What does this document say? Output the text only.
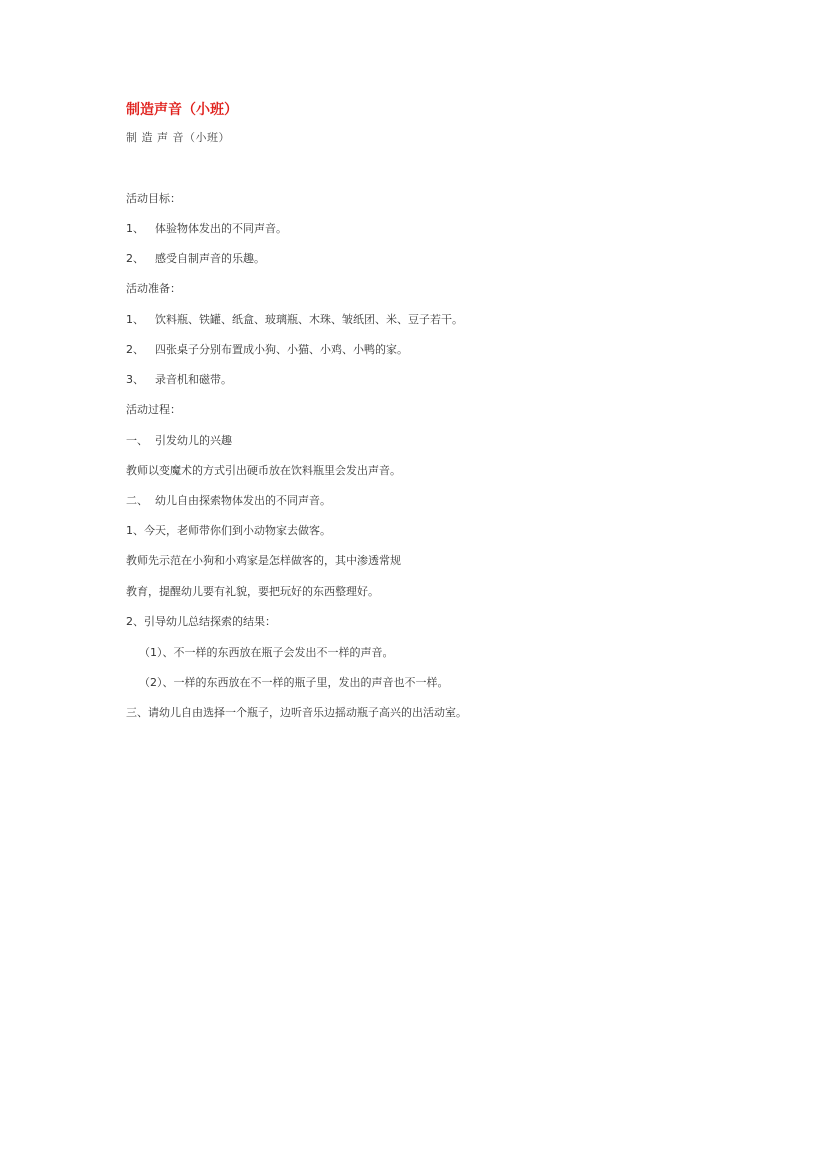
制造声音（小班）
制 造 声 音（小班）
活动目标：
1、 体验物体发出的不同声音。
2、 感受自制声音的乐趣。
活动准备：
1、 饮料瓶、铁罐、纸盒、玻璃瓶、木珠、皱纸团、米、豆子若干。
2、 四张桌子分别布置成小狗、小猫、小鸡、小鸭的家。
3、 录音机和磁带。
活动过程：
一、 引发幼儿的兴趣
教师以变魔术的方式引出硬币放在饮料瓶里会发出声音。
二、 幼儿自由探索物体发出的不同声音。
1、今天，老师带你们到小动物家去做客。
教师先示范在小狗和小鸡家是怎样做客的，其中渗透常规
教育，提醒幼儿要有礼貌，要把玩好的东西整理好。
2、引导幼儿总结探索的结果：
（1）、不一样的东西放在瓶子会发出不一样的声音。
（2）、一样的东西放在不一样的瓶子里，发出的声音也不一样。
三、请幼儿自由选择一个瓶子，边听音乐边摇动瓶子高兴的出活动室。
